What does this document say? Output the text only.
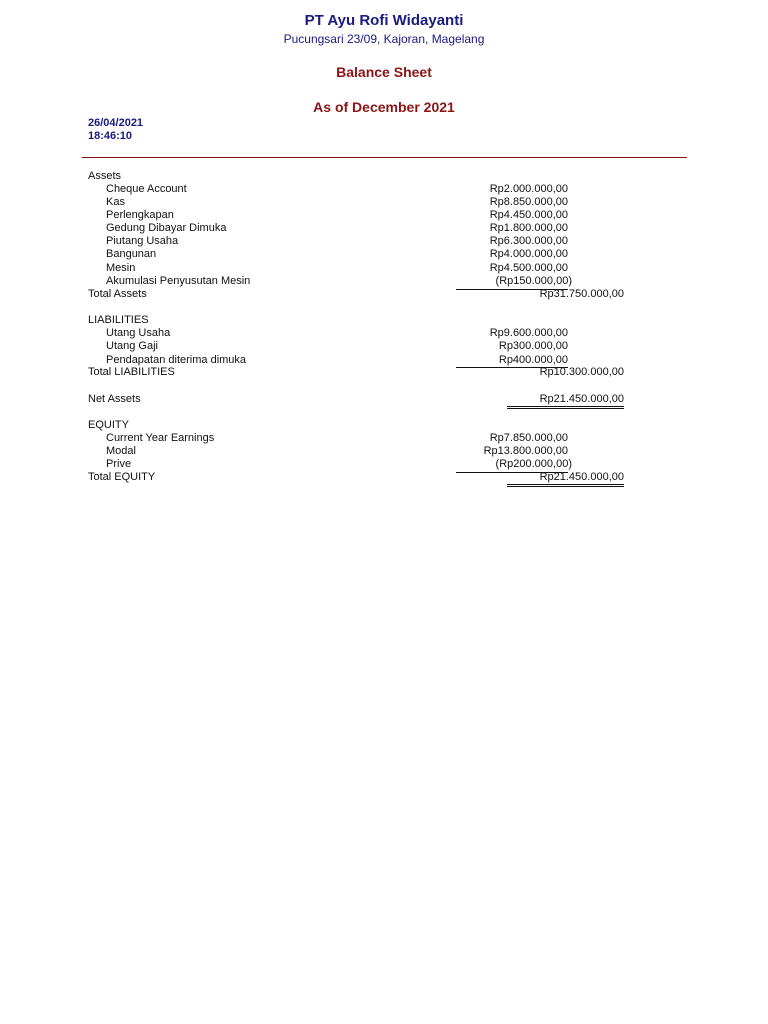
PT Ayu Rofi Widayanti
Pucungsari 23/09, Kajoran, Magelang
Balance Sheet
As of December 2021
26/04/2021
18:46:10
Assets
Cheque Account	Rp2.000.000,00
Kas	Rp8.850.000,00
Perlengkapan	Rp4.450.000,00
Gedung Dibayar Dimuka	Rp1.800.000,00
Piutang Usaha	Rp6.300.000,00
Bangunan	Rp4.000.000,00
Mesin	Rp4.500.000,00
Akumulasi Penyusutan Mesin	(Rp150.000,00)
Total Assets	Rp31.750.000,00
LIABILITIES
Utang Usaha	Rp9.600.000,00
Utang Gaji	Rp300.000,00
Pendapatan diterima dimuka	Rp400.000,00
Total LIABILITIES	Rp10.300.000,00
Net Assets	Rp21.450.000,00
EQUITY
Current Year Earnings	Rp7.850.000,00
Modal	Rp13.800.000,00
Prive	(Rp200.000,00)
Total EQUITY	Rp21.450.000,00
